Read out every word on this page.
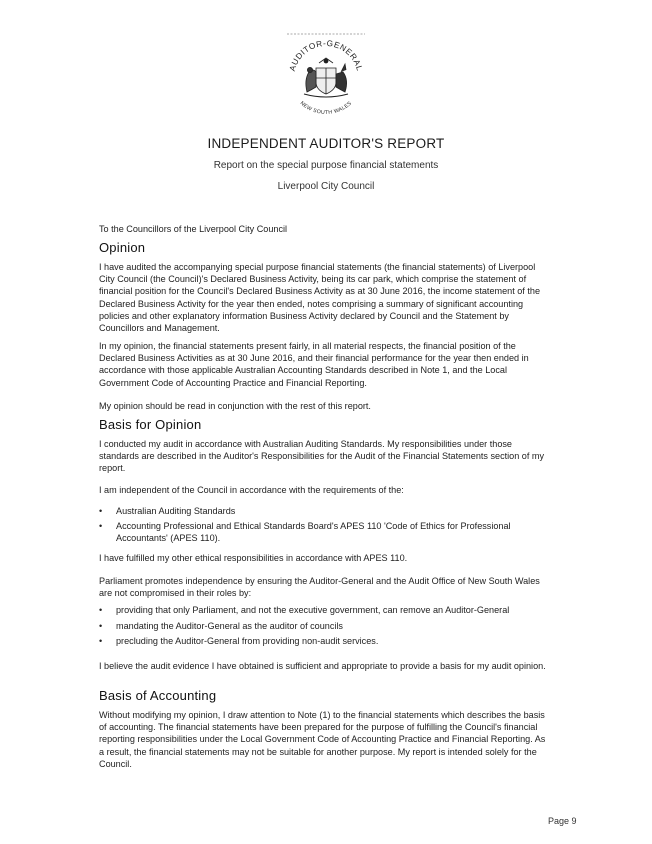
AUDITOR-GENERAL
NEW SOUTH WALES
INDEPENDENT AUDITOR'S REPORT
Report on the special purpose financial statements
Liverpool City Council
To the Councillors of the Liverpool City Council
Opinion
I have audited the accompanying special purpose financial statements (the financial statements) of Liverpool City Council (the Council)'s Declared Business Activity, being its car park, which comprise the statement of financial position for the Council's Declared Business Activity as at 30 June 2016, the income statement of the Declared Business Activity for the year then ended, notes comprising a summary of significant accounting policies and other explanatory information Business Activity declared by Council and the Statement by Councillors and Management.
In my opinion, the financial statements present fairly, in all material respects, the financial position of the Declared Business Activities as at 30 June 2016, and their financial performance for the year then ended in accordance with those applicable Australian Accounting Standards described in Note 1, and the Local Government Code of Accounting Practice and Financial Reporting.
My opinion should be read in conjunction with the rest of this report.
Basis for Opinion
I conducted my audit in accordance with Australian Auditing Standards. My responsibilities under those standards are described in the Auditor's Responsibilities for the Audit of the Financial Statements section of my report.
I am independent of the Council in accordance with the requirements of the:
• Australian Auditing Standards
• Accounting Professional and Ethical Standards Board's APES 110 'Code of Ethics for Professional Accountants' (APES 110).
I have fulfilled my other ethical responsibilities in accordance with APES 110.
Parliament promotes independence by ensuring the Auditor-General and the Audit Office of New South Wales are not compromised in their roles by:
• providing that only Parliament, and not the executive government, can remove an Auditor-General
• mandating the Auditor-General as the auditor of councils
• precluding the Auditor-General from providing non-audit services.
I believe the audit evidence I have obtained is sufficient and appropriate to provide a basis for my audit opinion.
Basis of Accounting
Without modifying my opinion, I draw attention to Note (1) to the financial statements which describes the basis of accounting. The financial statements have been prepared for the purpose of fulfilling the Council's financial reporting responsibilities under the Local Government Code of Accounting Practice and Financial Reporting. As a result, the financial statements may not be suitable for another purpose. My report is intended solely for the Council.
Page 9
